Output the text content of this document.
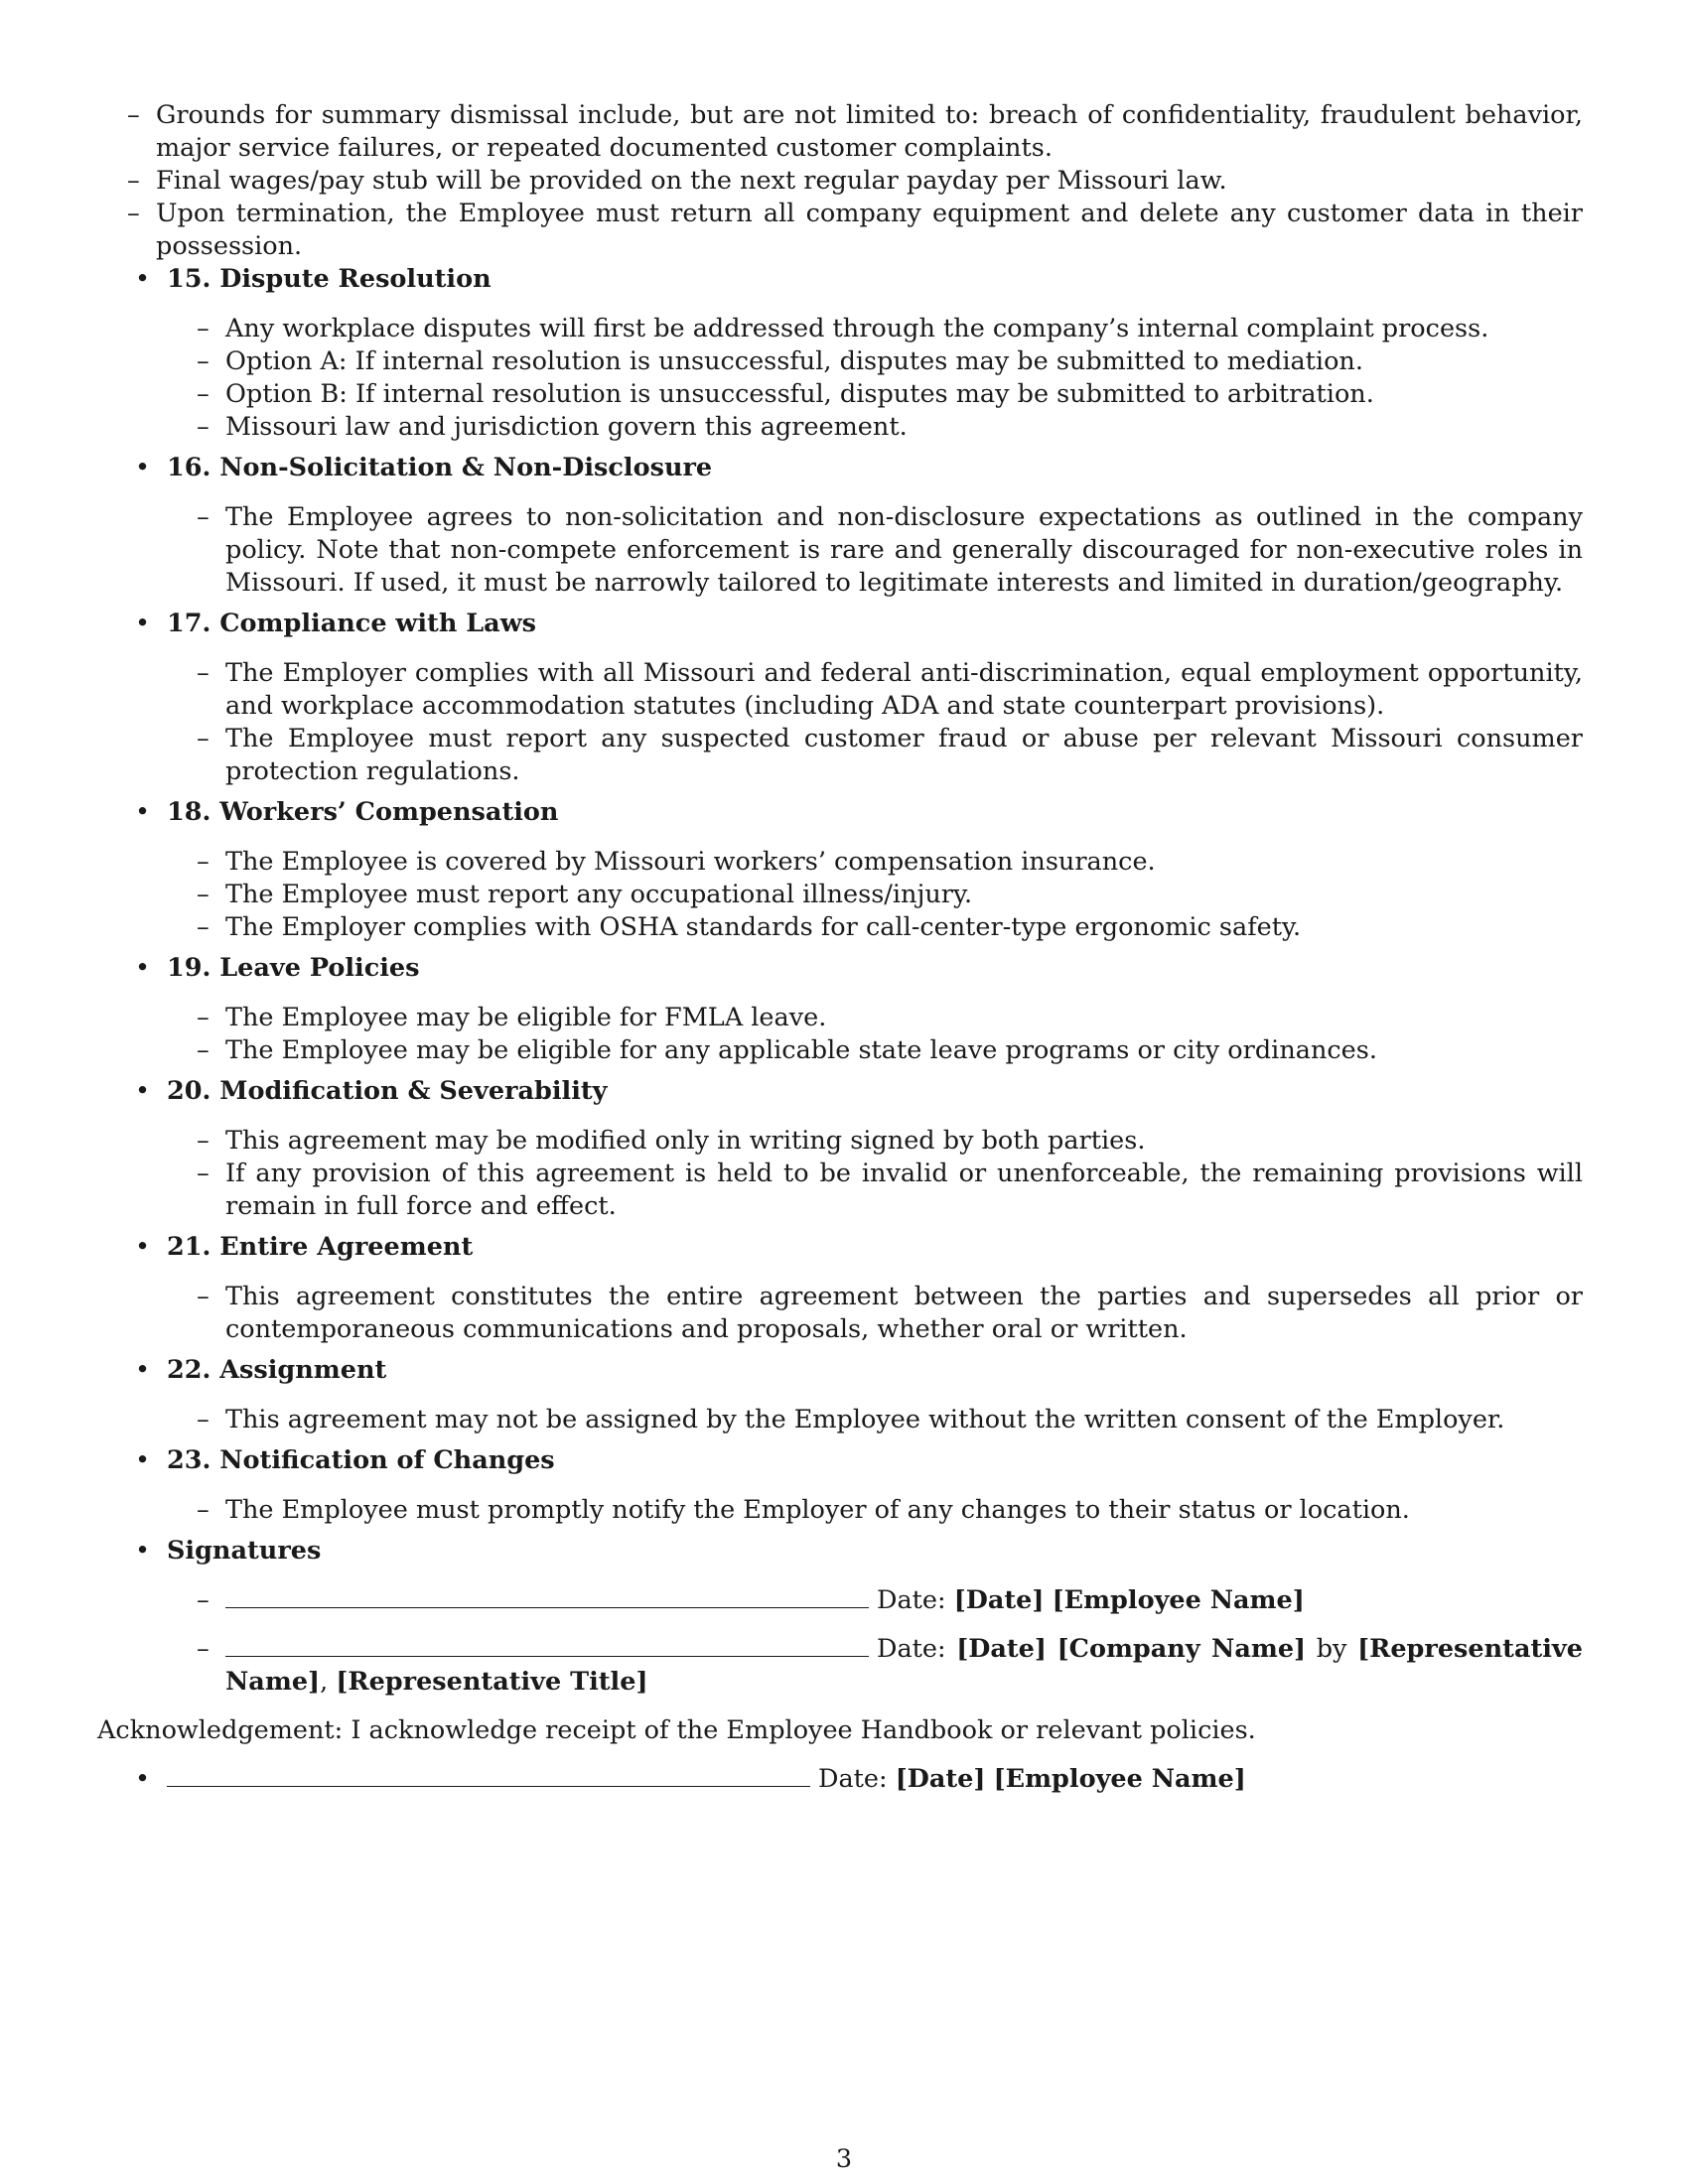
– Grounds for summary dismissal include, but are not limited to: breach of confidentiality, fraudulent behavior, major service failures, or repeated documented customer complaints.
– Final wages/pay stub will be provided on the next regular payday per Missouri law.
– Upon termination, the Employee must return all company equipment and delete any customer data in their possession.
• 15. Dispute Resolution
– Any workplace disputes will first be addressed through the company’s internal complaint process.
– Option A: If internal resolution is unsuccessful, disputes may be submitted to mediation.
– Option B: If internal resolution is unsuccessful, disputes may be submitted to arbitration.
– Missouri law and jurisdiction govern this agreement.
• 16. Non-Solicitation & Non-Disclosure
– The Employee agrees to non-solicitation and non-disclosure expectations as outlined in the company policy. Note that non-compete enforcement is rare and generally discouraged for non-executive roles in Missouri. If used, it must be narrowly tailored to legitimate interests and limited in duration/geography.
• 17. Compliance with Laws
– The Employer complies with all Missouri and federal anti-discrimination, equal employment opportunity, and workplace accommodation statutes (including ADA and state counterpart provisions).
– The Employee must report any suspected customer fraud or abuse per relevant Missouri consumer protection regulations.
• 18. Workers’ Compensation
– The Employee is covered by Missouri workers’ compensation insurance.
– The Employee must report any occupational illness/injury.
– The Employer complies with OSHA standards for call-center-type ergonomic safety.
• 19. Leave Policies
– The Employee may be eligible for FMLA leave.
– The Employee may be eligible for any applicable state leave programs or city ordinances.
• 20. Modification & Severability
– This agreement may be modified only in writing signed by both parties.
– If any provision of this agreement is held to be invalid or unenforceable, the remaining provisions will remain in full force and effect.
• 21. Entire Agreement
– This agreement constitutes the entire agreement between the parties and supersedes all prior or contemporaneous communications and proposals, whether oral or written.
• 22. Assignment
– This agreement may not be assigned by the Employee without the written consent of the Employer.
• 23. Notification of Changes
– The Employee must promptly notify the Employer of any changes to their status or location.
• Signatures
–	Date: [Date] [Employee Name]
–	Date: [Date] [Company Name] by [Representative Name], [Representative Title]
Acknowledgement: I acknowledge receipt of the Employee Handbook or relevant policies.
•	Date: [Date] [Employee Name]
3
